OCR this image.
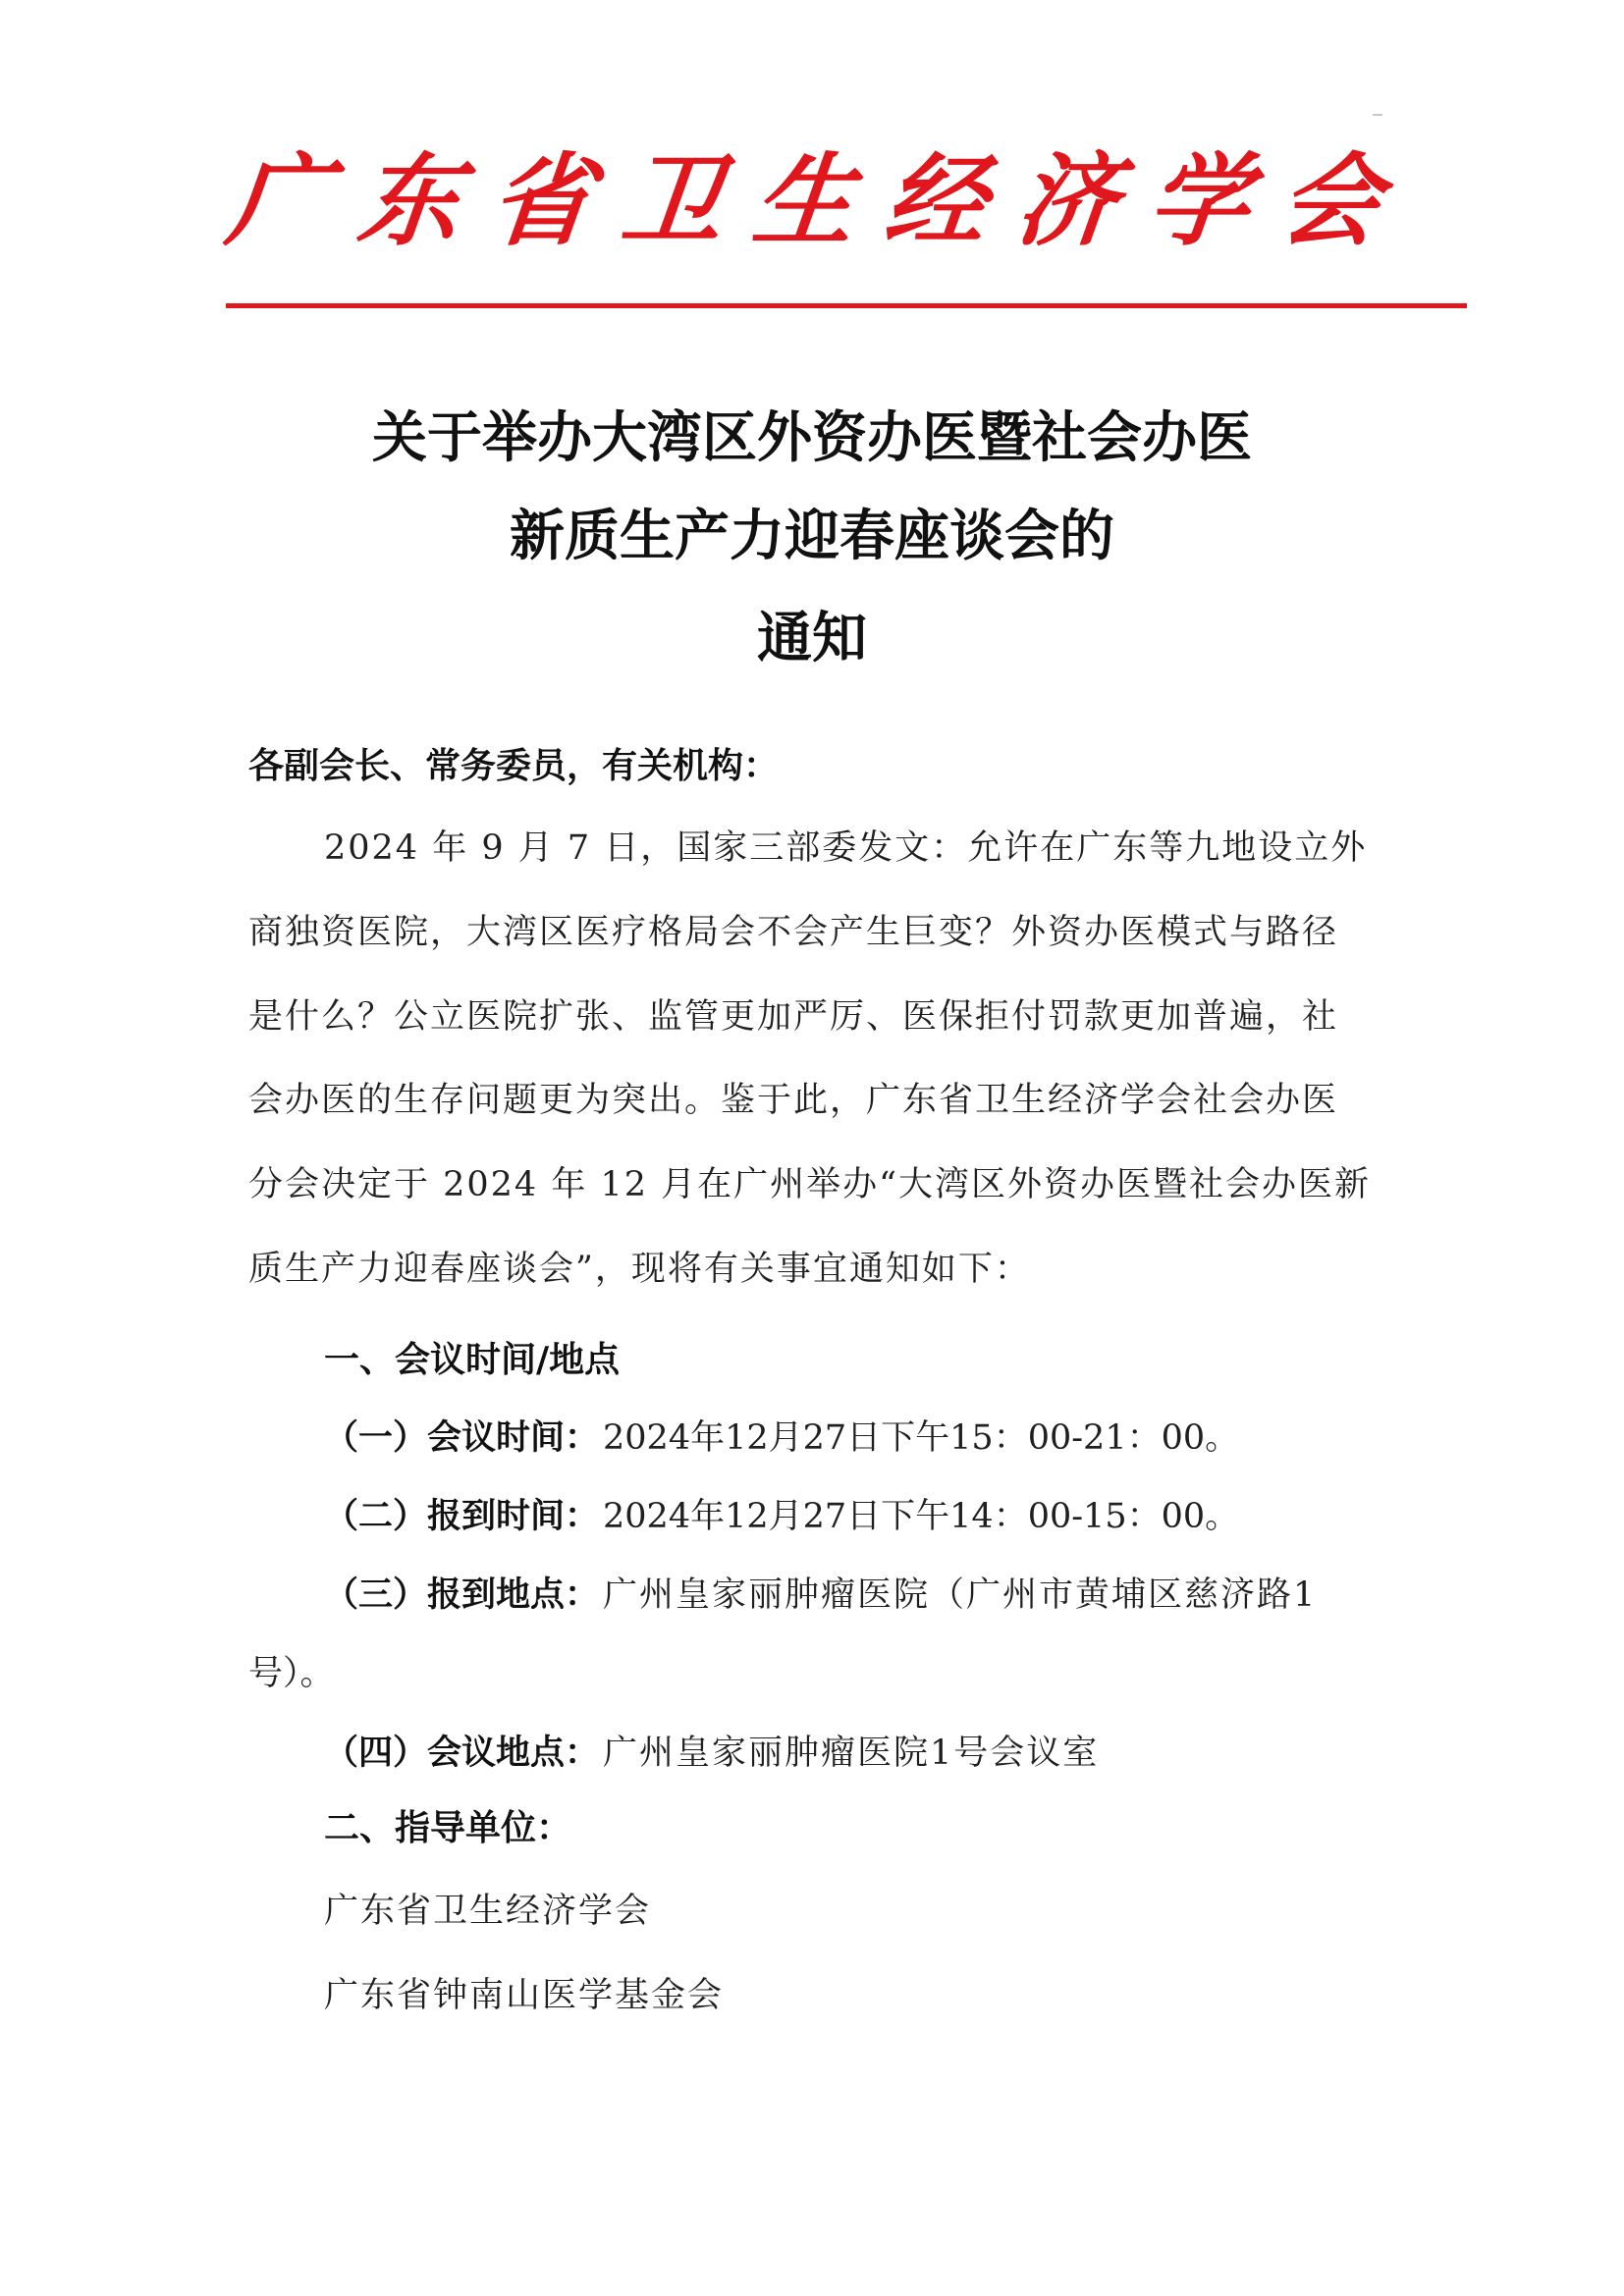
广东省卫生经济学会
关于举办大湾区外资办医暨社会办医
新质生产力迎春座谈会的
通知
各副会长、常务委员，有关机构：
2024 年 9 月 7 日，国家三部委发文：允许在广东等九地设立外
商独资医院，大湾区医疗格局会不会产生巨变？外资办医模式与路径
是什么？公立医院扩张、监管更加严厉、医保拒付罚款更加普遍，社
会办医的生存问题更为突出。鉴于此，广东省卫生经济学会社会办医
分会决定于 2024 年 12 月在广州举办“大湾区外资办医暨社会办医新
质生产力迎春座谈会”，现将有关事宜通知如下：
一、会议时间/地点
（一）会议时间： 2024年12月27日下午15：00-21：00。
（二）报到时间： 2024年12月27日下午14：00-15：00。
（三）报到地点： 广州皇家丽肿瘤医院（广州市黄埔区慈济路1
号）。
（四）会议地点： 广州皇家丽肿瘤医院1号会议室
二、指导单位：
广东省卫生经济学会
广东省钟南山医学基金会
